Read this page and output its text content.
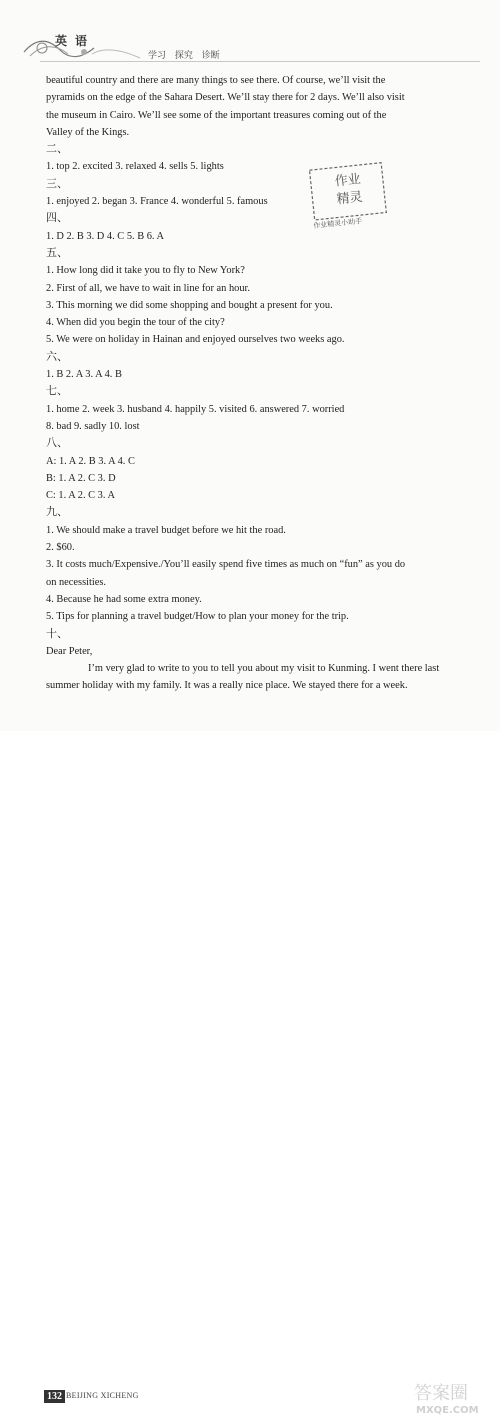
英语
学习 探究 诊断
beautiful country and there are many things to see there. Of course, we’ll visit the
pyramids on the edge of the Sahara Desert. We’ll stay there for 2 days. We’ll also visit
the museum in Cairo. We’ll see some of the important treasures coming out of the
Valley of the Kings.
二、
1. top 2. excited 3. relaxed 4. sells 5. lights
三、
1. enjoyed 2. began 3. France 4. wonderful 5. famous
四、
1. D 2. B 3. D 4. C 5. B 6. A
五、
1. How long did it take you to fly to New York?
2. First of all, we have to wait in line for an hour.
3. This morning we did some shopping and bought a present for you.
4. When did you begin the tour of the city?
5. We were on holiday in Hainan and enjoyed ourselves two weeks ago.
六、
1. B 2. A 3. A 4. B
七、
1. home 2. week 3. husband 4. happily 5. visited 6. answered 7. worried
8. bad 9. sadly 10. lost
八、
A: 1. A 2. B 3. A 4. C
B: 1. A 2. C 3. D
C: 1. A 2. C 3. A
九、
1. We should make a travel budget before we hit the road.
2. $60.
3. It costs much/Expensive./You’ll easily spend five times as much on “fun” as you do
on necessities.
4. Because he had some extra money.
5. Tips for planning a travel budget/How to plan your money for the trip.
十、
Dear Peter,
I’m very glad to write to you to tell you about my visit to Kunming. I went there last
summer holiday with my family. It was a really nice place. We stayed there for a week.
作业
精灵
作业精灵小助手
132 BEIJING XICHENG	答案圈
MXQE.COM
